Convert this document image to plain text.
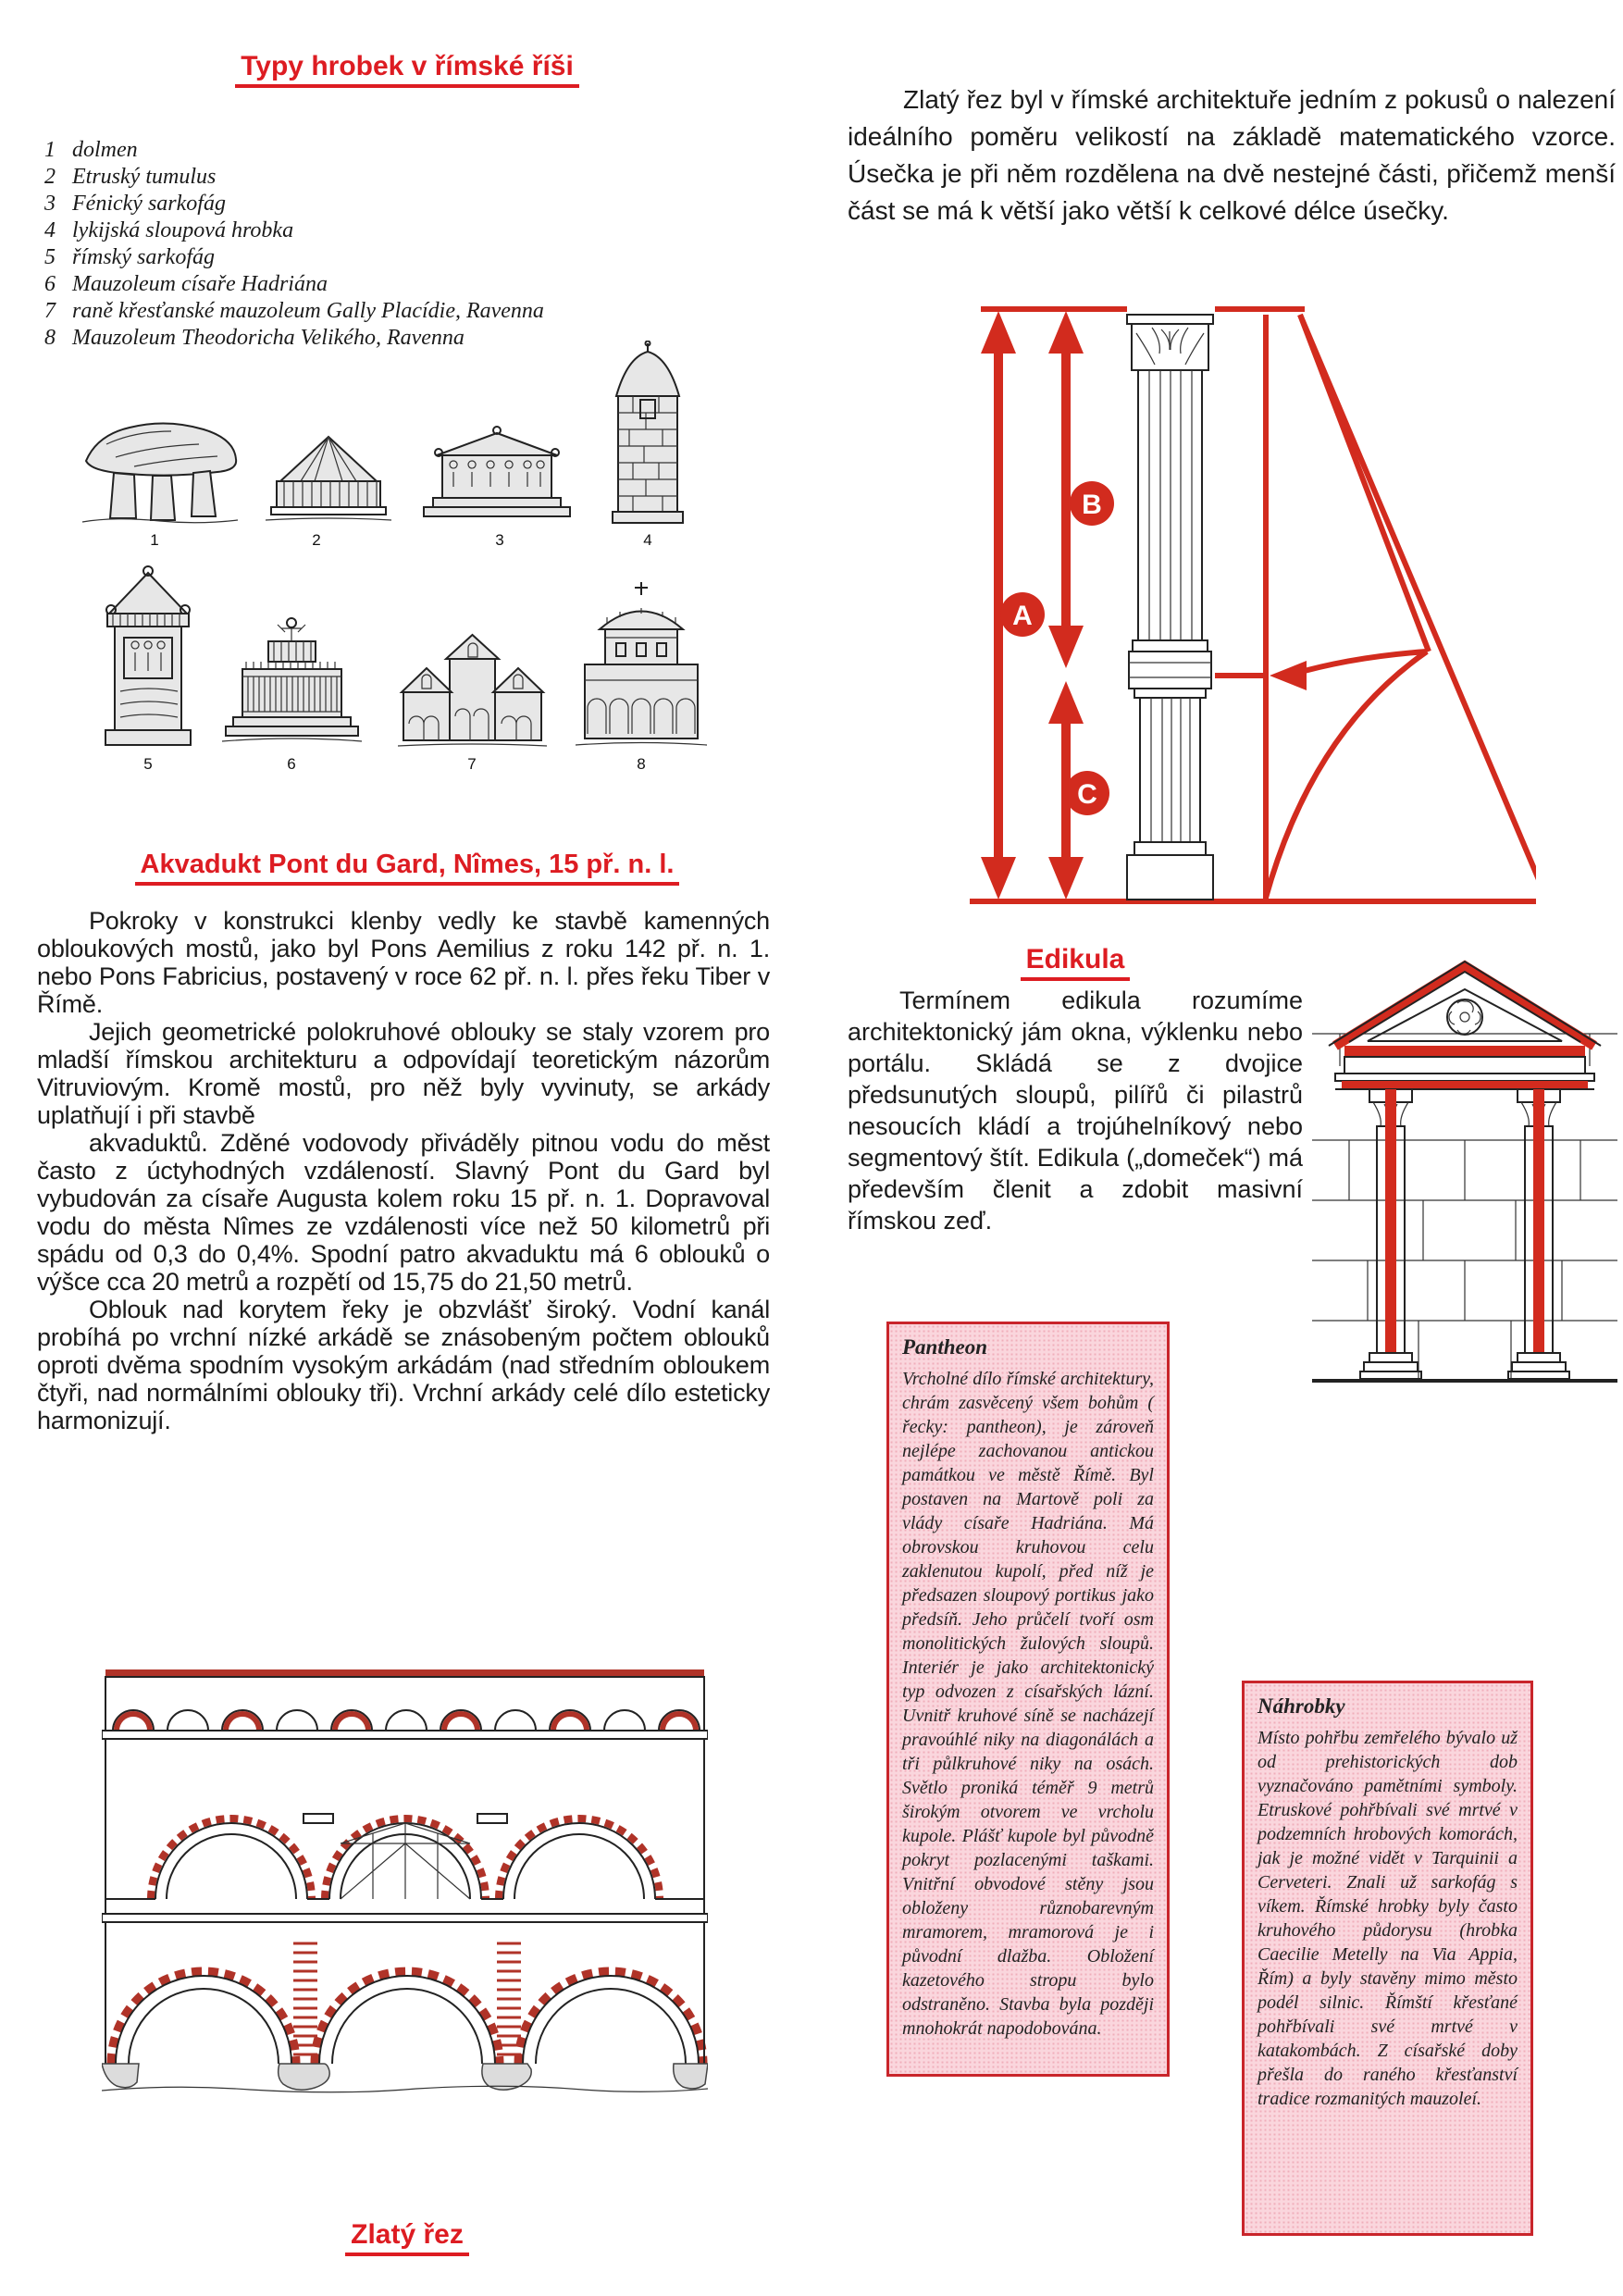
Typy hrobek v římské říši
1 dolmen
2 Etruský tumulus
3 Fénický sarkofág
4 lykijská sloupová hrobka
5 římský sarkofág
6 Mauzoleum císaře Hadriána
7 raně křesťanské mauzoleum Gally Placídie, Ravenna
8 Mauzoleum Theodoricha Velikého, Ravenna
1	2	3	4
5	6	7	8
Akvadukt Pont du Gard, Nîmes, 15 př. n. l.

Pokroky v konstrukci klenby vedly ke stavbě kamenných obloukových mostů, jako byl Pons Aemilius z roku 142 př. n. 1. nebo Pons Fabricius, postavený v roce 62 př. n. l. přes řeku Tiber v Římě.

Jejich geometrické polokruhové oblouky se staly vzorem pro mladší římskou architekturu a odpovídají teoretickým názorům Vitruviovým. Kromě mostů, pro něž byly vyvinuty, se arkády uplatňují i při stavbě

akvaduktů. Zděné vodovody přiváděly pitnou vodu do měst často z úctyhodných vzdáleností. Slavný Pont du Gard byl vybudován za císaře Augusta kolem roku 15 př. n. 1. Dopravoval vodu do města Nîmes ze vzdálenosti více než 50 kilometrů při spádu od 0,3 do 0,4%. Spodní patro akvaduktu má 6 oblouků o výšce cca 20 metrů a rozpětí od 15,75 do 21,50 metrů.

Oblouk nad korytem řeky je obzvlášť široký. Vodní kanál probíhá po vrchní nízké arkádě se znásobeným počtem oblouků oproti dvěma spodním vysokým arkádám (nad středním obloukem čtyři, nad normálními oblouky tři). Vrchní arkády celé dílo esteticky harmonizují.

Zlatý řez
Zlatý řez byl v římské architektuře jedním z pokusů o nalezení ideálního poměru velikostí na základě matematického vzorce. Úsečka je při něm rozdělena na dvě nestejné části, přičemž menší část se má k větší jako větší k celkové délce úsečky.
A
B
C
Edikula
Termínem edikula rozumíme architektonický jám okna, výklenku nebo portálu. Skládá se z dvojice předsunutých sloupů, pilířů či pilastrů nesoucích kládí a trojúhelníkový nebo segmentový štít. Edikula („domeček“) má především členit a zdobit masivní římskou zeď.
Pantheon

Vrcholné dílo římské architektury, chrám zasvěcený všem bohům ( řecky: pantheon), je zároveň nejlépe zachovanou antickou památkou ve městě Římě. Byl postaven na Martově poli za vlády císaře Hadriána. Má obrovskou kruhovou celu zaklenutou kupolí, před níž je předsazen sloupový portikus jako předsíň. Jeho průčelí tvoří osm monolitických žulových sloupů. Interiér je jako architektonický typ odvozen z císařských lázní. Uvnitř kruhové síně se nacházejí pravoúhlé niky na diagonálách a tři půlkruhové niky na osách. Světlo proniká téměř 9 metrů širokým otvorem ve vrcholu kupole. Plášť kupole byl původně pokryt pozlacenými taškami. Vnitřní obvodové stěny jsou obloženy různobarevným mramorem, mramorová je i původní dlažba. Obložení kazetového stropu bylo odstraněno. Stavba byla později mnohokrát napodobována.

Náhrobky

Místo pohřbu zemřelého bývalo už od prehistorických dob vyznačováno pamětními symboly. Etruskové pohřbívali své mrtvé v podzemních hrobových komorách, jak je možné vidět v Tarquinii a Cerveteri. Znali už sarkofág s víkem. Římské hrobky byly často kruhového půdorysu (hrobka Caecilie Metelly na Via Appia, Řím) a byly stavěny mimo město podél silnic. Římští křesťané pohřbívali své mrtvé v katakombách. Z císařské doby přešla do raného křesťanství tradice rozmanitých mauzoleí.
